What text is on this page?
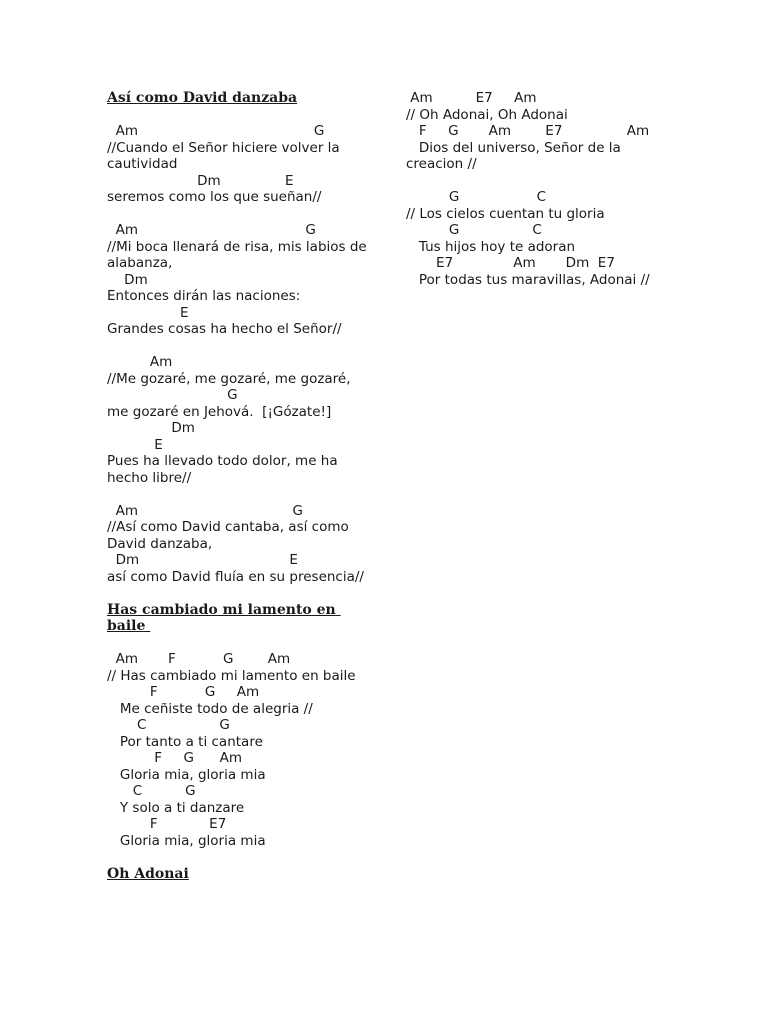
Así como David danzaba
Am                                         G
//Cuando el Señor hiciere volver la cautividad
Dm               E
seremos como los que sueñan//
Am                                       G
//Mi boca llenará de risa, mis labios de alabanza,
Dm
Entonces dirán las naciones:
E
Grandes cosas ha hecho el Señor//
Am
//Me gozaré, me gozaré, me gozaré,
G
me gozaré en Jehová.  [¡Gózate!]
Dm
E
Pues ha llevado todo dolor, me ha hecho libre//
Am                                    G
//Así como David cantaba, así como David danzaba,
Dm                                   E
así como David fluía en su presencia//
Has cambiado mi lamento en baile
Am       F           G        Am
// Has cambiado mi lamento en baile
F           G     Am
Me ceñiste todo de alegria //
C                 G
Por tanto a ti cantare
F     G      Am
Gloria mia, gloria mia
C          G
Y solo a ti danzare
F            E7
Gloria mia, gloria mia
Oh Adonai
Am          E7     Am
// Oh Adonai, Oh Adonai
F     G       Am        E7               Am
Dios del universo, Señor de la creacion //
G                  C
// Los cielos cuentan tu gloria
G                 C
Tus hijos hoy te adoran
E7              Am       Dm  E7
Por todas tus maravillas, Adonai //
